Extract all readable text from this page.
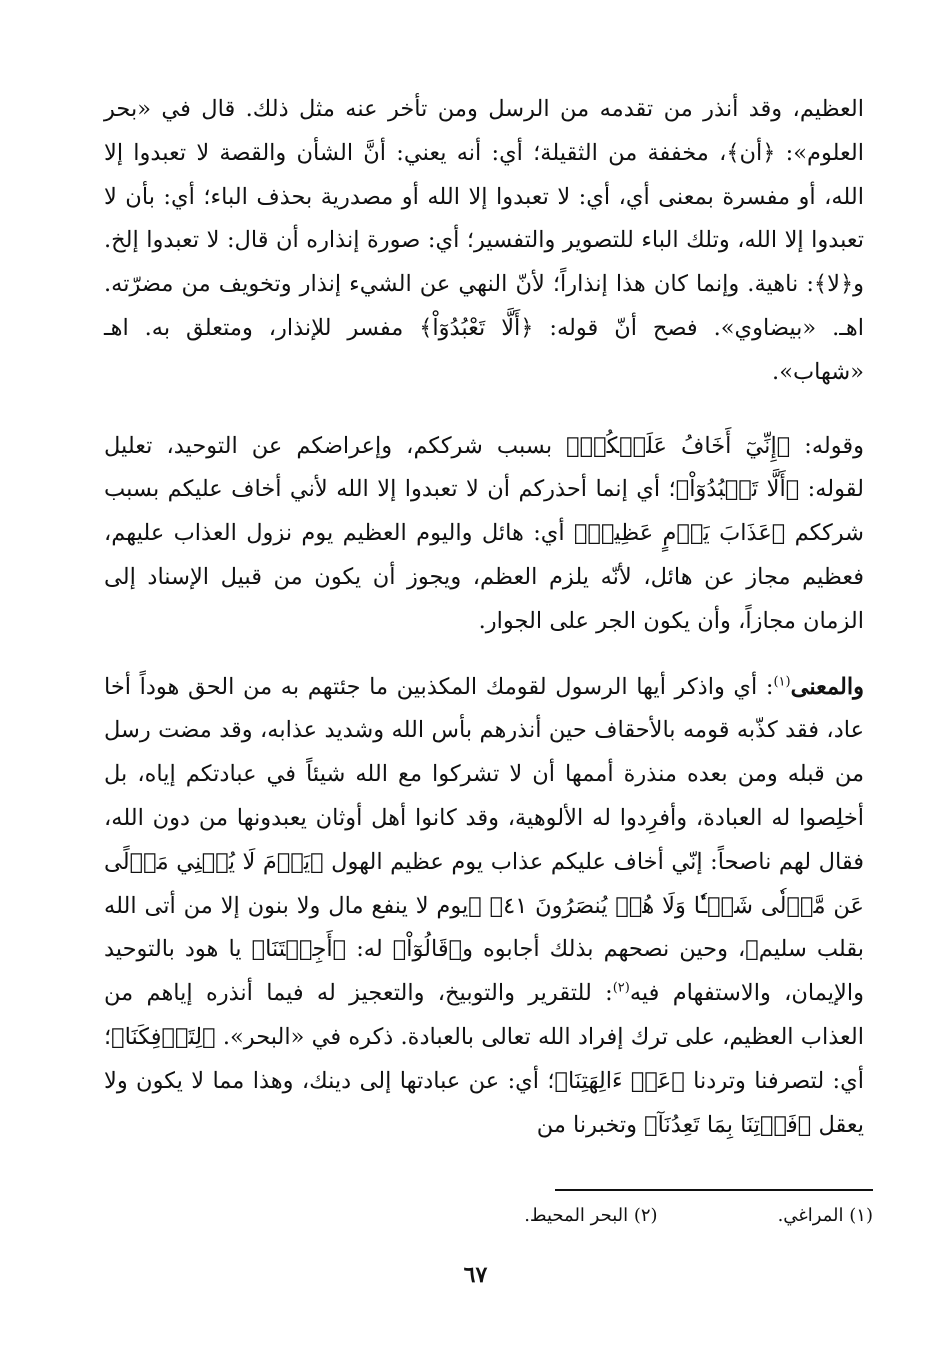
العظيم، وقد أنذر من تقدمه من الرسل ومن تأخر عنه مثل ذلك. قال في «بحر العلوم»: ﴿أن﴾، مخففة من الثقيلة؛ أي: أنه يعني: أنَّ الشأن والقصة لا تعبدوا إلا الله، أو مفسرة بمعنى أي، أي: لا تعبدوا إلا الله أو مصدرية بحذف الباء؛ أي: بأن لا تعبدوا إلا الله، وتلك الباء للتصوير والتفسير؛ أي: صورة إنذاره أن قال: لا تعبدوا إلخ. و﴿لا﴾: ناهية. وإنما كان هذا إنذاراً؛ لأنّ النهي عن الشيء إنذار وتخويف من مضرّته. اهـ. «بيضاوي». فصح أنّ قوله: ﴿أَلَّا تَعْبُدُوٓاْ﴾ مفسر للإنذار، ومتعلق به. اهـ «شهاب».

وقوله: ﴿إِنِّيٓ أَخَافُ عَلَيۡكُمۡ﴾ بسبب شرككم، وإعراضكم عن التوحيد، تعليل لقوله: ﴿أَلَّا تَعۡبُدُوٓاْ﴾؛ أي إنما أحذركم أن لا تعبدوا إلا الله لأني أخاف عليكم بسبب شرككم ﴿عَذَابَ يَوۡمٍ عَظِيمٖ﴾ أي: هائل واليوم العظيم يوم نزول العذاب عليهم، فعظيم مجاز عن هائل، لأنّه يلزم العظم، ويجوز أن يكون من قبيل الإسناد إلى الزمان مجازاً، وأن يكون الجر على الجوار.

والمعنى$^{(١)}$: أي واذكر أيها الرسول لقومك المكذبين ما جئتهم به من الحق هوداً أخا عاد، فقد كذّبه قومه بالأحقاف حين أنذرهم بأس الله وشديد عذابه، وقد مضت رسل من قبله ومن بعده منذرة أممها أن لا تشركوا مع الله شيئاً في عبادتكم إياه، بل أخلِصوا له العبادة، وأفرِدوا له الألوهية، وقد كانوا أهل أوثان يعبدونها من دون الله، فقال لهم ناصحاً: إنّي أخاف عليكم عذاب يوم عظيم الهول ﴿يَوۡمَ لَا يُغۡنِي مَوۡلًى عَن مَّوۡلٗى شَيۡـٔٗا وَلَا هُمۡ يُنصَرُونَ ٤١﴾ ﴿يوم لا ينفع مال ولا بنون إلا من أتى الله بقلب سليم﴾، وحين نصحهم بذلك أجابوه و﴿قَالُوٓاْ﴾ له: ﴿أَجِئۡتَنَا﴾ يا هود بالتوحيد والإيمان، والاستفهام فيه$^{(٢)}$: للتقرير والتوبيخ، والتعجيز له فيما أنذره إياهم من العذاب العظيم، على ترك إفراد الله تعالى بالعبادة. ذكره في «البحر». ﴿لِتَأۡفِكَنَا﴾؛ أي: لتصرفنا وتردنا ﴿عَنۡ ءَالِهَتِنَا﴾؛ أي: عن عبادتها إلى دينك، وهذا مما لا يكون ولا يعقل ﴿فَأۡتِنَا بِمَا تَعِدُنَآ﴾ وتخبرنا من

(١) المراغي.(٢) البحر المحيط.
٦٧
